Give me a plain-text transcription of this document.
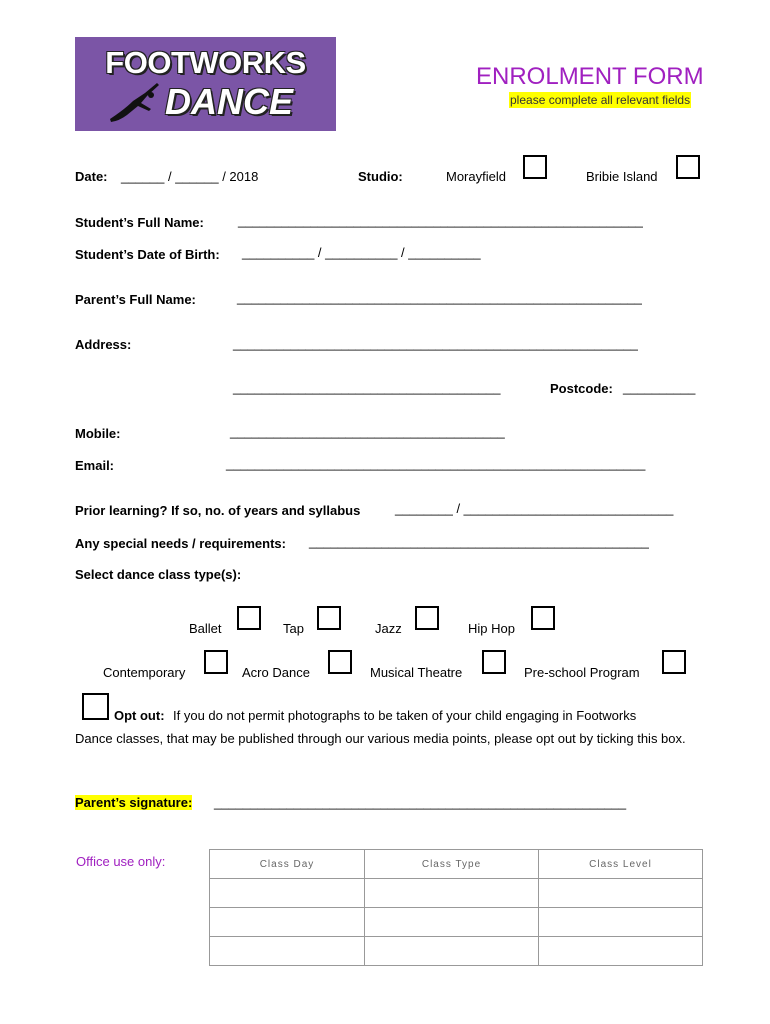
FOOTWORKS
DANCE
ENROLMENT FORM
please complete all relevant fields
Date: ______ / ______ / 2018	Studio:	Morayfield	Bribie Island
Student’s Full Name:	________________________________________________________
Student’s Date of Birth: __________ / __________ / __________
Parent’s Full Name:	________________________________________________________
Address:	________________________________________________________
_____________________________________	Postcode: __________
Mobile:	______________________________________
Email:	__________________________________________________________
Prior learning? If so, no. of years and syllabus	________ / _____________________________
Any special needs / requirements: _______________________________________________
Select dance class type(s):
Ballet	Tap	Jazz	Hip Hop
Contemporary	Acro Dance	Musical Theatre	Pre-school Program
Opt out: If you do not permit photographs to be taken of your child engaging in Footworks
Dance classes, that may be published through our various media points, please opt out by ticking this box.
Parent’s signature: _________________________________________________________
Office use only:	Class Day	Class Type	Class Level
